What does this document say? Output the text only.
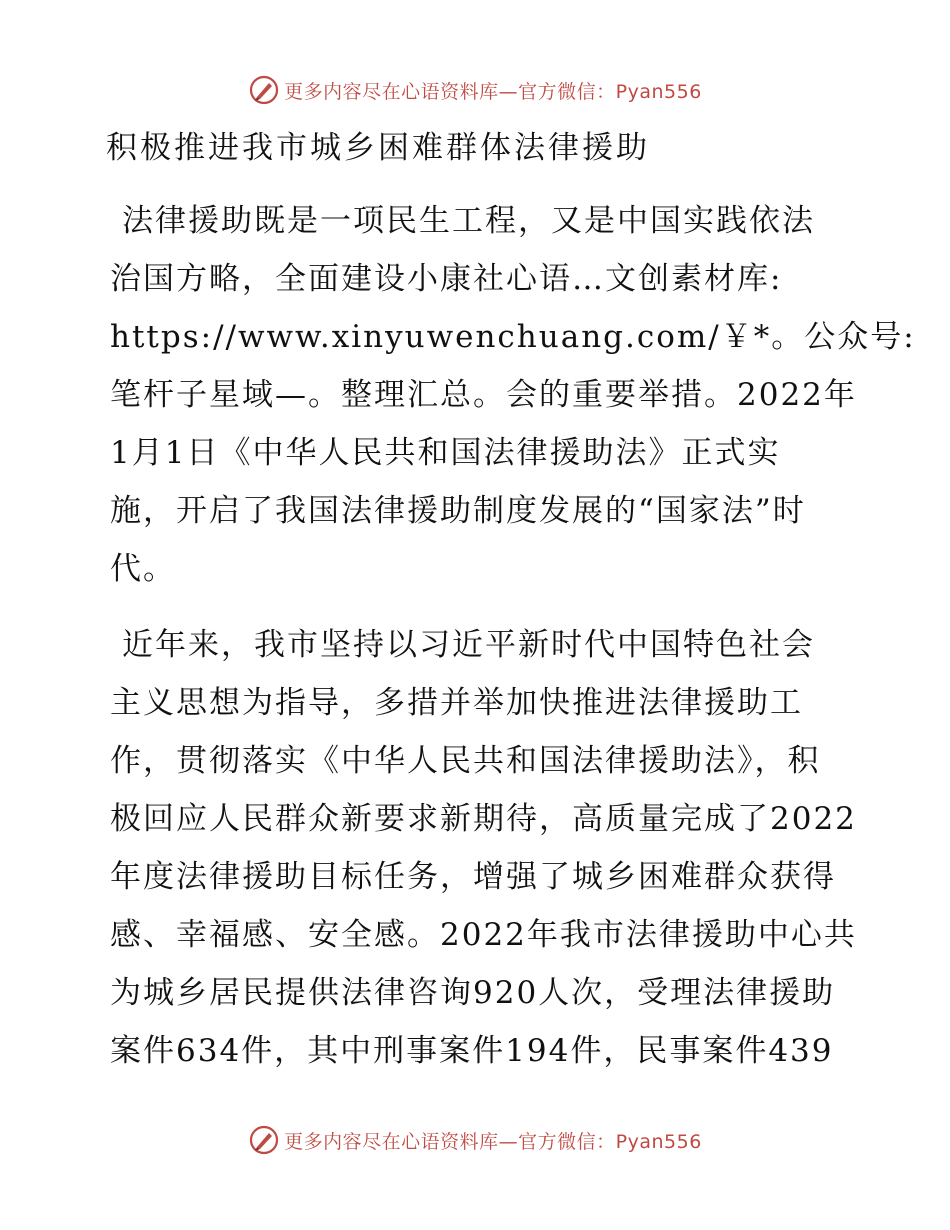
更多内容尽在心语资料库—官方微信：Pyan556
积极推进我市城乡困难群体法律援助
法律援助既是一项民生工程，又是中国实践依法
治国方略，全面建设小康社心语…文创素材库:
https://www.xinyuwenchuang.com/￥*。公众号:
笔杆子星域—。整理汇总。会的重要举措。2022年
1月1日《中华人民共和国法律援助法》正式实
施，开启了我国法律援助制度发展的“国家法”时
代。
近年来，我市坚持以习近平新时代中国特色社会
主义思想为指导，多措并举加快推进法律援助工
作，贯彻落实《中华人民共和国法律援助法》，积
极回应人民群众新要求新期待，高质量完成了2022
年度法律援助目标任务，增强了城乡困难群众获得
感、幸福感、安全感。2022年我市法律援助中心共
为城乡居民提供法律咨询920人次，受理法律援助
案件634件，其中刑事案件194件，民事案件439
更多内容尽在心语资料库—官方微信：Pyan556
